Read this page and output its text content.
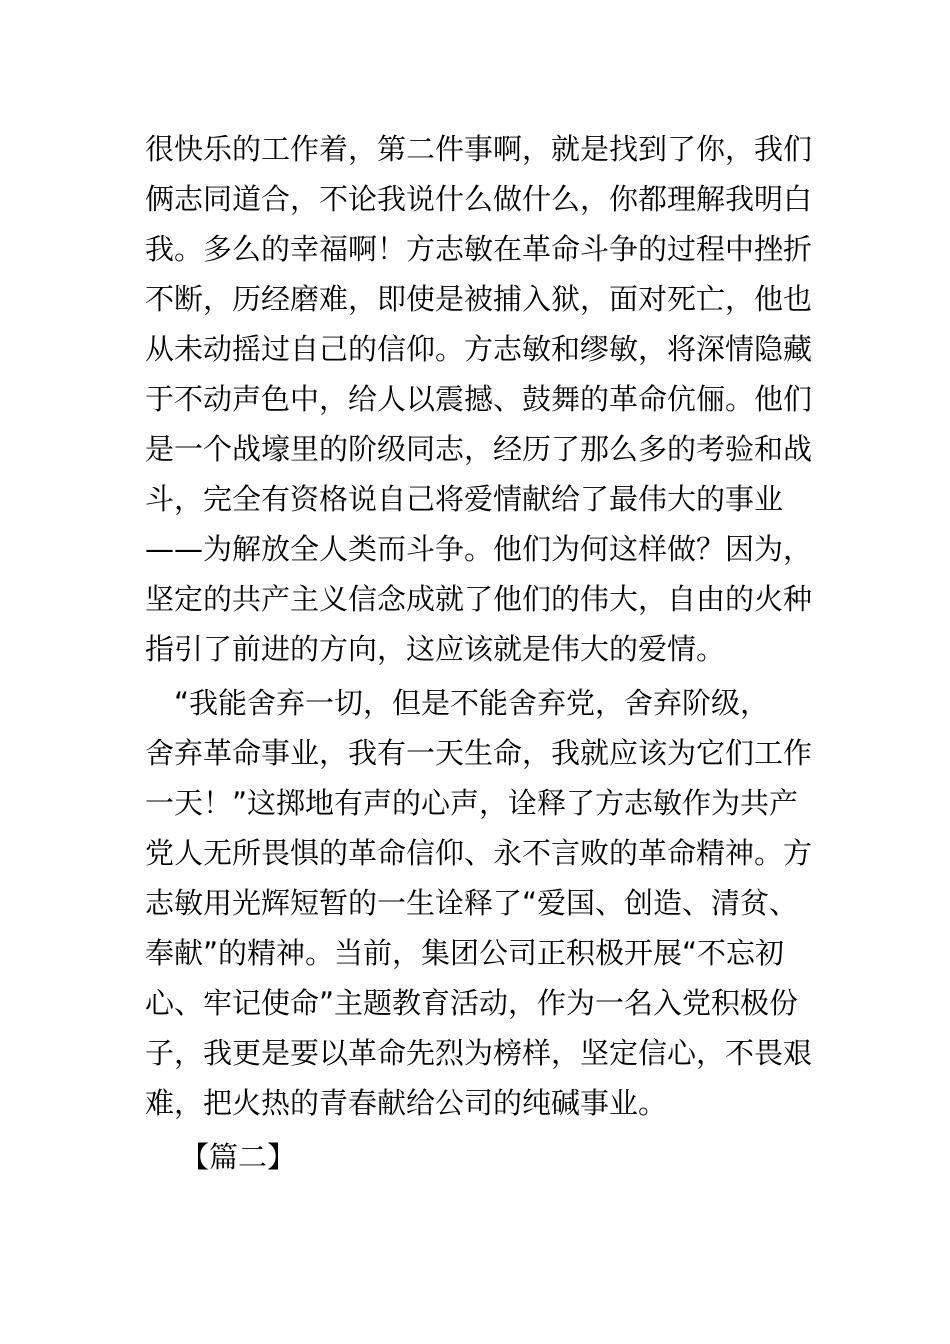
很快乐的工作着，第二件事啊，就是找到了你，我们
俩志同道合，不论我说什么做什么，你都理解我明白
我。多么的幸福啊！方志敏在革命斗争的过程中挫折
不断，历经磨难，即使是被捕入狱，面对死亡，他也
从未动摇过自己的信仰。方志敏和缪敏，将深情隐藏
于不动声色中，给人以震撼、鼓舞的革命伉俪。他们
是一个战壕里的阶级同志，经历了那么多的考验和战
斗，完全有资格说自己将爱情献给了最伟大的事业
——为解放全人类而斗争。他们为何这样做？因为，
坚定的共产主义信念成就了他们的伟大，自由的火种
指引了前进的方向，这应该就是伟大的爱情。
　“我能舍弃一切，但是不能舍弃党，舍弃阶级，
舍弃革命事业，我有一天生命，我就应该为它们工作
一天！”这掷地有声的心声，诠释了方志敏作为共产
党人无所畏惧的革命信仰、永不言败的革命精神。方
志敏用光辉短暂的一生诠释了“爱国、创造、清贫、
奉献”的精神。当前，集团公司正积极开展“不忘初
心、牢记使命”主题教育活动，作为一名入党积极份
子，我更是要以革命先烈为榜样，坚定信心，不畏艰
难，把火热的青春献给公司的纯碱事业。
【篇二】
